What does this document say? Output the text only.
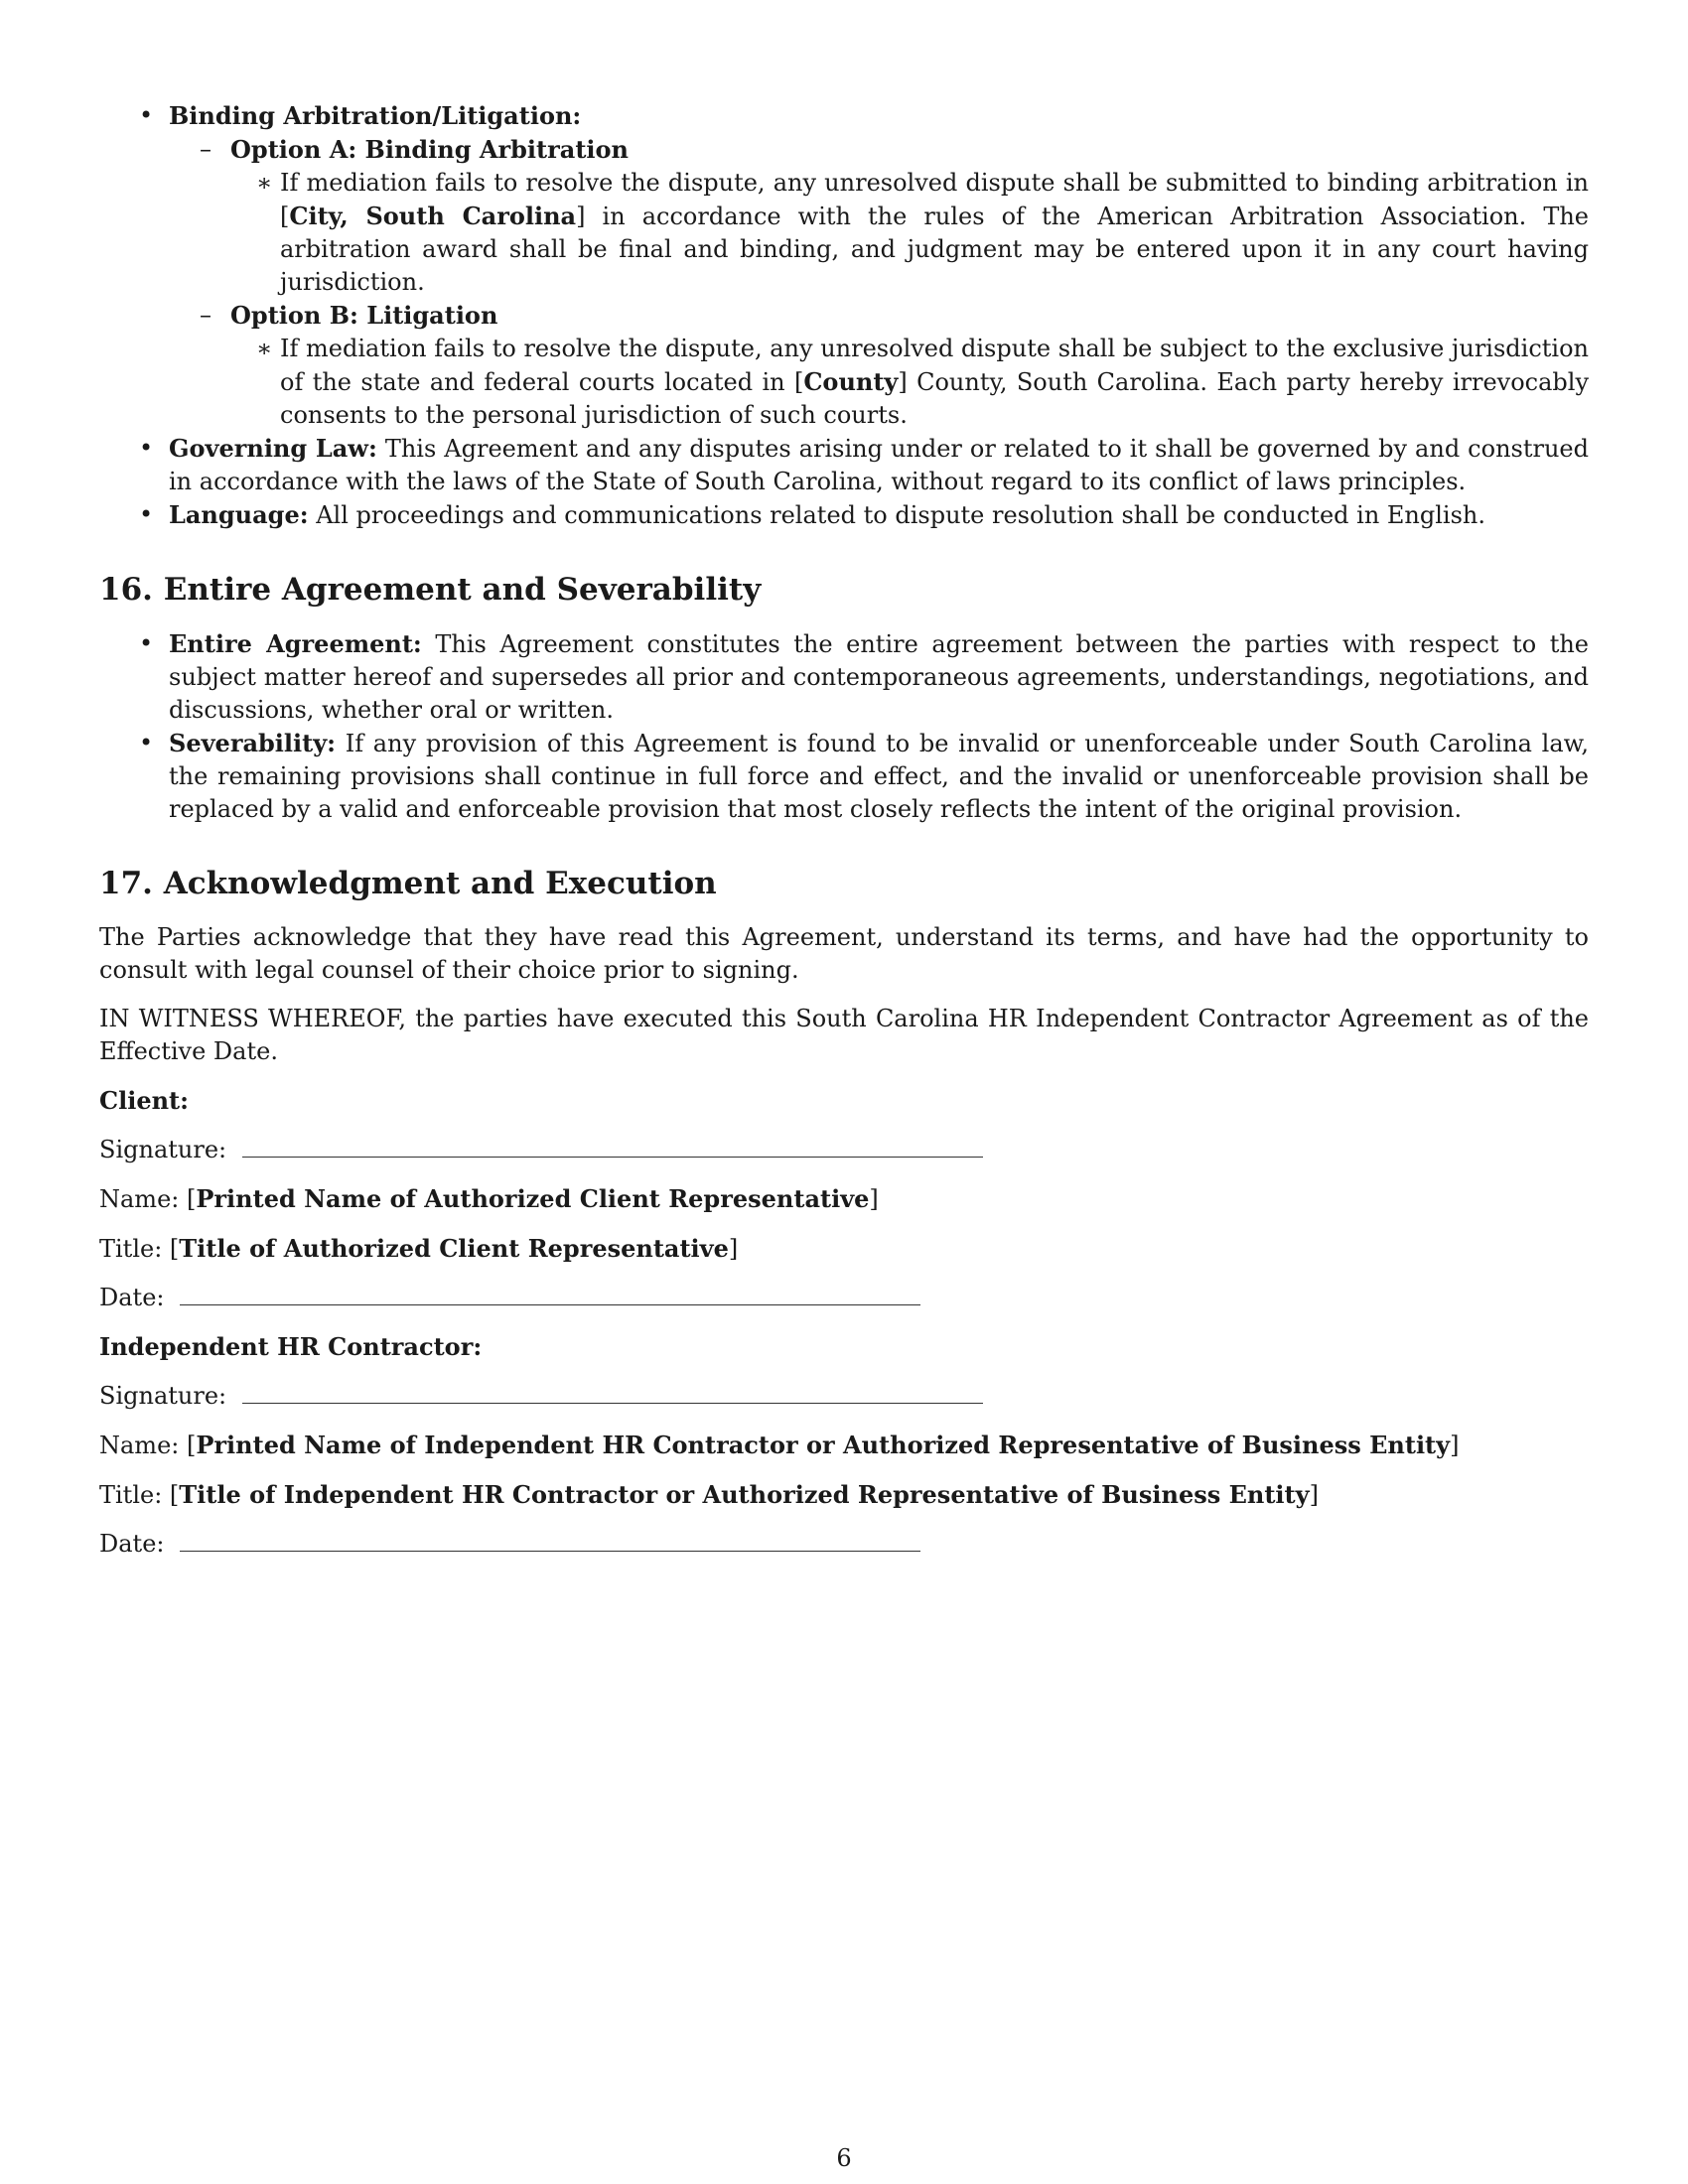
• Binding Arbitration/Litigation:
– Option A: Binding Arbitration
∗ If mediation fails to resolve the dispute, any unresolved dispute shall be submitted to binding arbitration in [City, South Carolina] in accordance with the rules of the American Arbitration Association. The arbitration award shall be final and binding, and judgment may be entered upon it in any court having jurisdiction.
– Option B: Litigation
∗ If mediation fails to resolve the dispute, any unresolved dispute shall be subject to the exclusive jurisdiction of the state and federal courts located in [County] County, South Carolina. Each party hereby irrevocably consents to the personal jurisdiction of such courts.
• Governing Law: This Agreement and any disputes arising under or related to it shall be governed by and construed in accordance with the laws of the State of South Carolina, without regard to its conflict of laws principles.
• Language: All proceedings and communications related to dispute resolution shall be conducted in English.
16. Entire Agreement and Severability
• Entire Agreement: This Agreement constitutes the entire agreement between the parties with respect to the subject matter hereof and supersedes all prior and contemporaneous agreements, understandings, negotiations, and discussions, whether oral or written.
• Severability: If any provision of this Agreement is found to be invalid or unenforceable under South Carolina law, the remaining provisions shall continue in full force and effect, and the invalid or unenforceable provision shall be replaced by a valid and enforceable provision that most closely reflects the intent of the original provision.
17. Acknowledgment and Execution

The Parties acknowledge that they have read this Agreement, understand its terms, and have had the opportunity to consult with legal counsel of their choice prior to signing.

IN WITNESS WHEREOF, the parties have executed this South Carolina HR Independent Contractor Agreement as of the Effective Date.

Client:

Signature:
Name: [Printed Name of Authorized Client Representative]
Title: [Title of Authorized Client Representative]
Date:

Independent HR Contractor:

Signature:
Name: [Printed Name of Independent HR Contractor or Authorized Representative of Business Entity]
Title: [Title of Independent HR Contractor or Authorized Representative of Business Entity]
Date:
6
